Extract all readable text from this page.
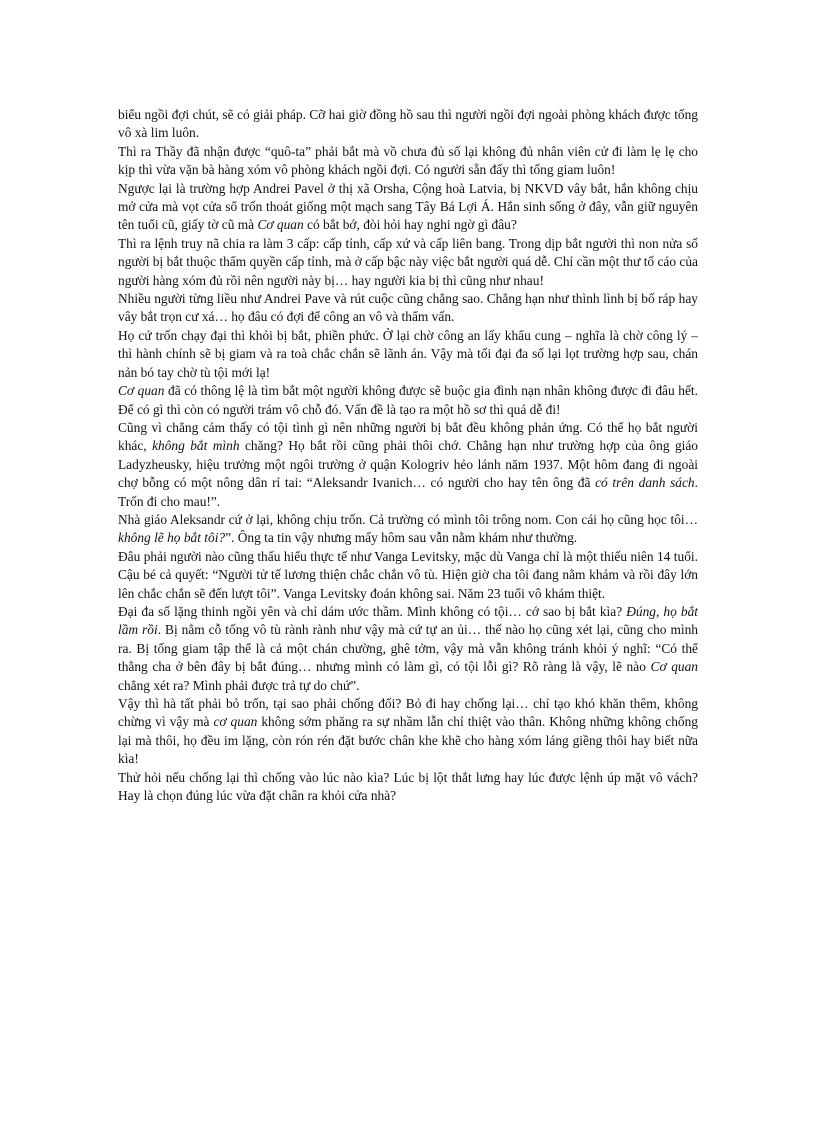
biểu ngồi đợi chút, sẽ có giải pháp. Cỡ hai giờ đồng hồ sau thì người ngồi đợi ngoài phòng khách được tống vô xà lim luôn.

Thì ra Thầy đã nhận được “quô-ta” phải bắt mà vồ chưa đủ số lại không đủ nhân viên cử đi làm lẹ lẹ cho kịp thì vừa vặn bà hàng xóm vô phòng khách ngồi đợi. Có người sẵn đấy thì tống giam luôn!

Ngược lại là trường hợp Andrei Pavel ở thị xã Orsha, Cộng hoà Latvia, bị NKVD vây bắt, hắn không chịu mở cửa mà vọt cửa sổ trốn thoát giống một mạch sang Tây Bá Lợi Á. Hắn sinh sống ở đây, vẫn giữ nguyên tên tuổi cũ, giấy tờ cũ mà Cơ quan có bắt bớ, đòi hỏi hay nghi ngờ gì đâu?

Thì ra lệnh truy nã chia ra làm 3 cấp: cấp tỉnh, cấp xứ và cấp liên bang. Trong dịp bắt người thì non nửa số người bị bắt thuộc thẩm quyền cấp tỉnh, mà ở cấp bậc này việc bắt người quá dễ. Chỉ cần một thư tố cáo của người hàng xóm đủ rồi nên người này bị… hay người kia bị thì cũng như nhau!

Nhiều người từng liều như Andrei Pave và rút cuộc cũng chẳng sao. Chẳng hạn như thình lình bị bố ráp hay vây bắt trọn cư xá… họ đâu có đợi để công an vô và thẩm vấn.

Họ cứ trốn chạy đại thì khỏi bị bắt, phiền phức. Ở lại chờ công an lấy khẩu cung – nghĩa là chờ công lý – thì hành chính sẽ bị giam và ra toà chắc chắn sẽ lãnh án. Vậy mà tối đại đa số lại lọt trường hợp sau, chán nản bó tay chờ tù tội mới lạ!

Cơ quan đã có thông lệ là tìm bắt một người không được sẽ buộc gia đình nạn nhân không được đi đâu hết. Để có gì thì còn có người trám vô chỗ đó. Vấn đề là tạo ra một hồ sơ thì quá dễ đi!

Cũng vì chẳng cảm thấy có tội tình gì nên những người bị bắt đều không phản ứng. Có thể họ bắt người khác, không bắt mình chăng? Họ bắt rồi cũng phải thôi chớ. Chẳng hạn như trường hợp của ông giáo Ladyzheusky, hiệu trưởng một ngôi trường ở quận Kologriv hẻo lánh năm 1937. Một hôm đang đi ngoài chợ bỗng có một nông dân rỉ tai: “Aleksandr Ivanich… có người cho hay tên ông đã có trên danh sách. Trốn đi cho mau!”.

Nhà giáo Aleksandr cứ ở lại, không chịu trốn. Cả trường có mình tôi trông nom. Con cái họ cũng học tôi… không lẽ họ bắt tôi?”. Ông ta tin vậy nhưng mấy hôm sau vẫn nằm khám như thường.

Đâu phải người nào cũng thấu hiểu thực tế như Vanga Levitsky, mặc dù Vanga chỉ là một thiếu niên 14 tuổi. Cậu bé cả quyết: “Người tử tế lương thiện chắc chắn vô tù. Hiện giờ cha tôi đang nằm khám và rồi đây lớn lên chắc chắn sẽ đến lượt tôi”. Vanga Levitsky đoán không sai. Năm 23 tuổi vô khám thiệt.

Đại đa số lặng thinh ngồi yên và chỉ dám ước thầm. Mình không có tội… cớ sao bị bắt kìa? Đúng, họ bắt lầm rồi. Bị nằm cỗ tống vô tù rành rành như vậy mà cứ tự an ủi… thế nào họ cũng xét lại, cũng cho mình ra. Bị tống giam tập thể là cả một chán chường, ghê tởm, vậy mà vẫn không tránh khỏi ý nghĩ: “Có thể thằng cha ở bên đây bị bắt đúng… nhưng mình có làm gì, có tội lỗi gì? Rõ ràng là vậy, lẽ nào Cơ quan chẳng xét ra? Mình phải được trả tự do chứ”.

Vậy thì hà tất phải bỏ trốn, tại sao phải chống đối? Bỏ đi hay chống lại… chỉ tạo khó khăn thêm, không chừng vì vậy mà cơ quan không sớm phăng ra sự nhầm lẫn chỉ thiệt vào thân. Không những không chống lại mà thôi, họ đều im lặng, còn rón rén đặt bước chân khe khẽ cho hàng xóm láng giềng thôi hay biết nữa kìa!

Thử hỏi nếu chống lại thì chống vào lúc nào kìa? Lúc bị lột thắt lưng hay lúc được lệnh úp mặt vô vách? Hay là chọn đúng lúc vừa đặt chân ra khỏi cửa nhà?
